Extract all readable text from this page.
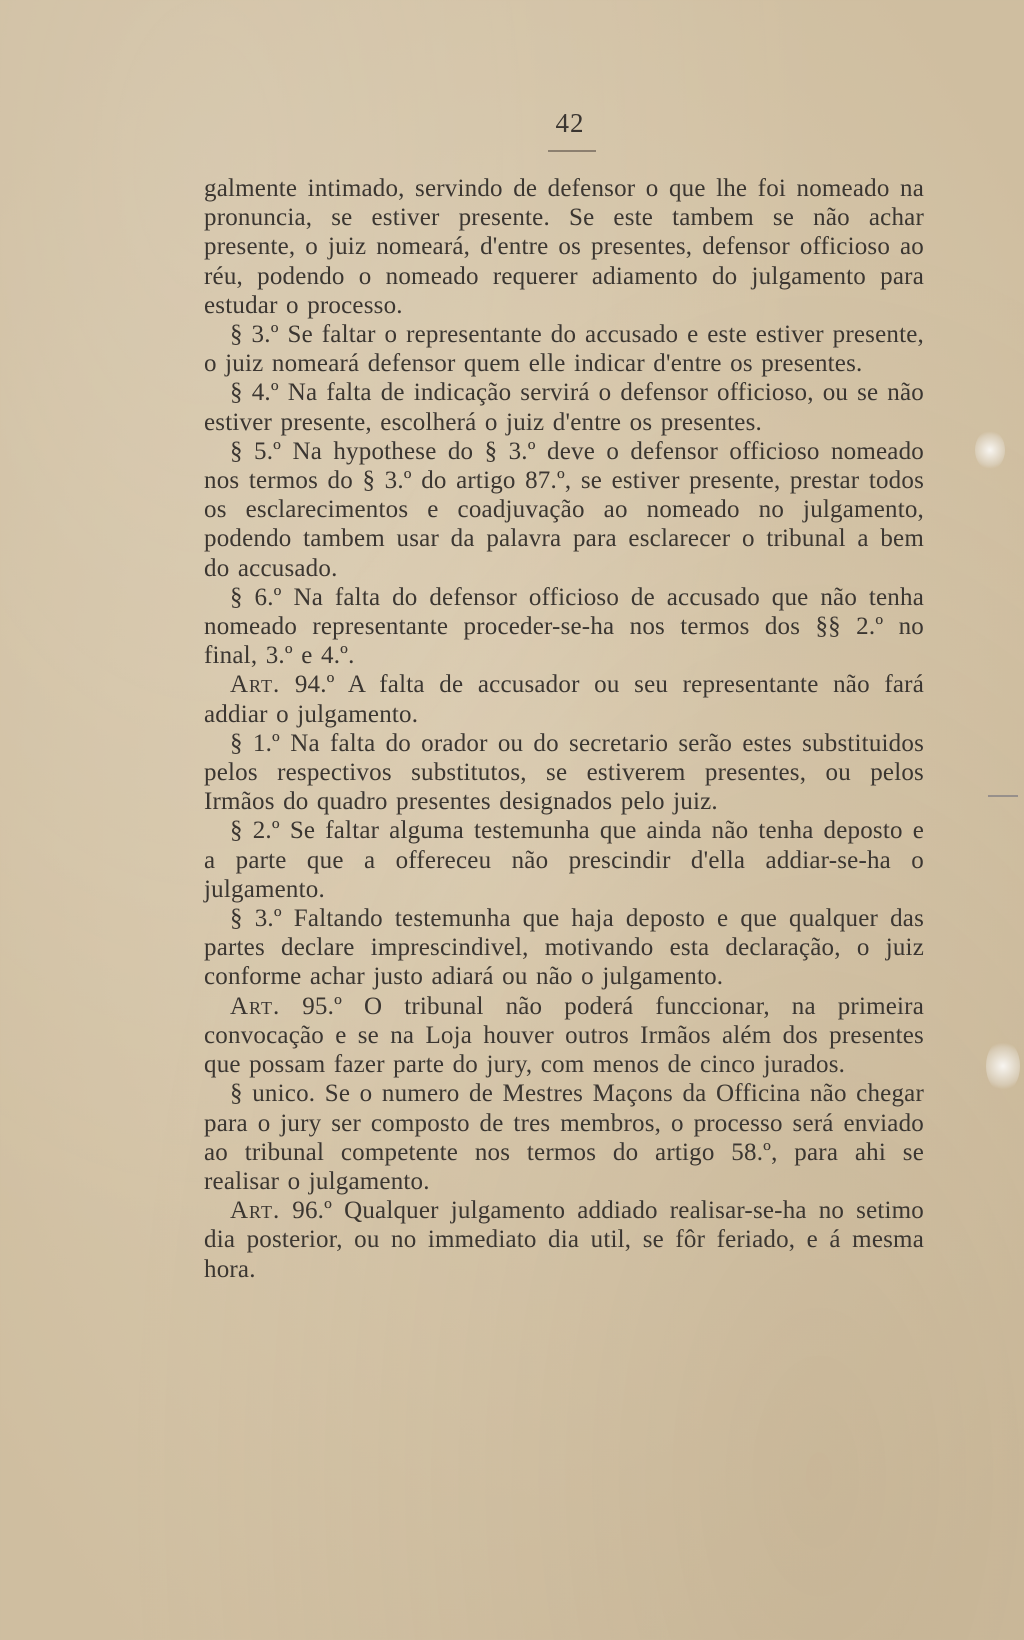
42

galmente intimado, servindo de defensor o que lhe foi nomeado na pronuncia, se estiver presente. Se este tambem se não achar presente, o juiz nomeará, d'entre os presentes, defensor officioso ao réu, podendo o nomeado requerer adiamento do julgamento para estudar o processo.

§ 3.º Se faltar o representante do accusado e este estiver presente, o juiz nomeará defensor quem elle indicar d'entre os presentes.

§ 4.º Na falta de indicação servirá o defensor officioso, ou se não estiver presente, escolherá o juiz d'entre os presentes.

§ 5.º Na hypothese do § 3.º deve o defensor officioso nomeado nos termos do § 3.º do artigo 87.º, se estiver presente, prestar todos os esclarecimentos e coadjuvação ao nomeado no julgamento, podendo tambem usar da palavra para esclarecer o tribunal a bem do accusado.

§ 6.º Na falta do defensor officioso de accusado que não tenha nomeado representante proceder-se-ha nos termos dos §§ 2.º no final, 3.º e 4.º.

Art. 94.º A falta de accusador ou seu representante não fará addiar o julgamento.

§ 1.º Na falta do orador ou do secretario serão estes substituidos pelos respectivos substitutos, se estiverem presentes, ou pelos Irmãos do quadro presentes designados pelo juiz.

§ 2.º Se faltar alguma testemunha que ainda não tenha deposto e a parte que a offereceu não prescindir d'ella addiar-se-ha o julgamento.

§ 3.º Faltando testemunha que haja deposto e que qualquer das partes declare imprescindivel, motivando esta declaração, o juiz conforme achar justo adiará ou não o julgamento.

Art. 95.º O tribunal não poderá funccionar, na primeira convocação e se na Loja houver outros Irmãos além dos presentes que possam fazer parte do jury, com menos de cinco jurados.

§ unico. Se o numero de Mestres Maçons da Officina não chegar para o jury ser composto de tres membros, o processo será enviado ao tribunal competente nos termos do artigo 58.º, para ahi se realisar o julgamento.

Art. 96.º Qualquer julgamento addiado realisar-se-ha no setimo dia posterior, ou no immediato dia util, se fôr feriado, e á mesma hora.
